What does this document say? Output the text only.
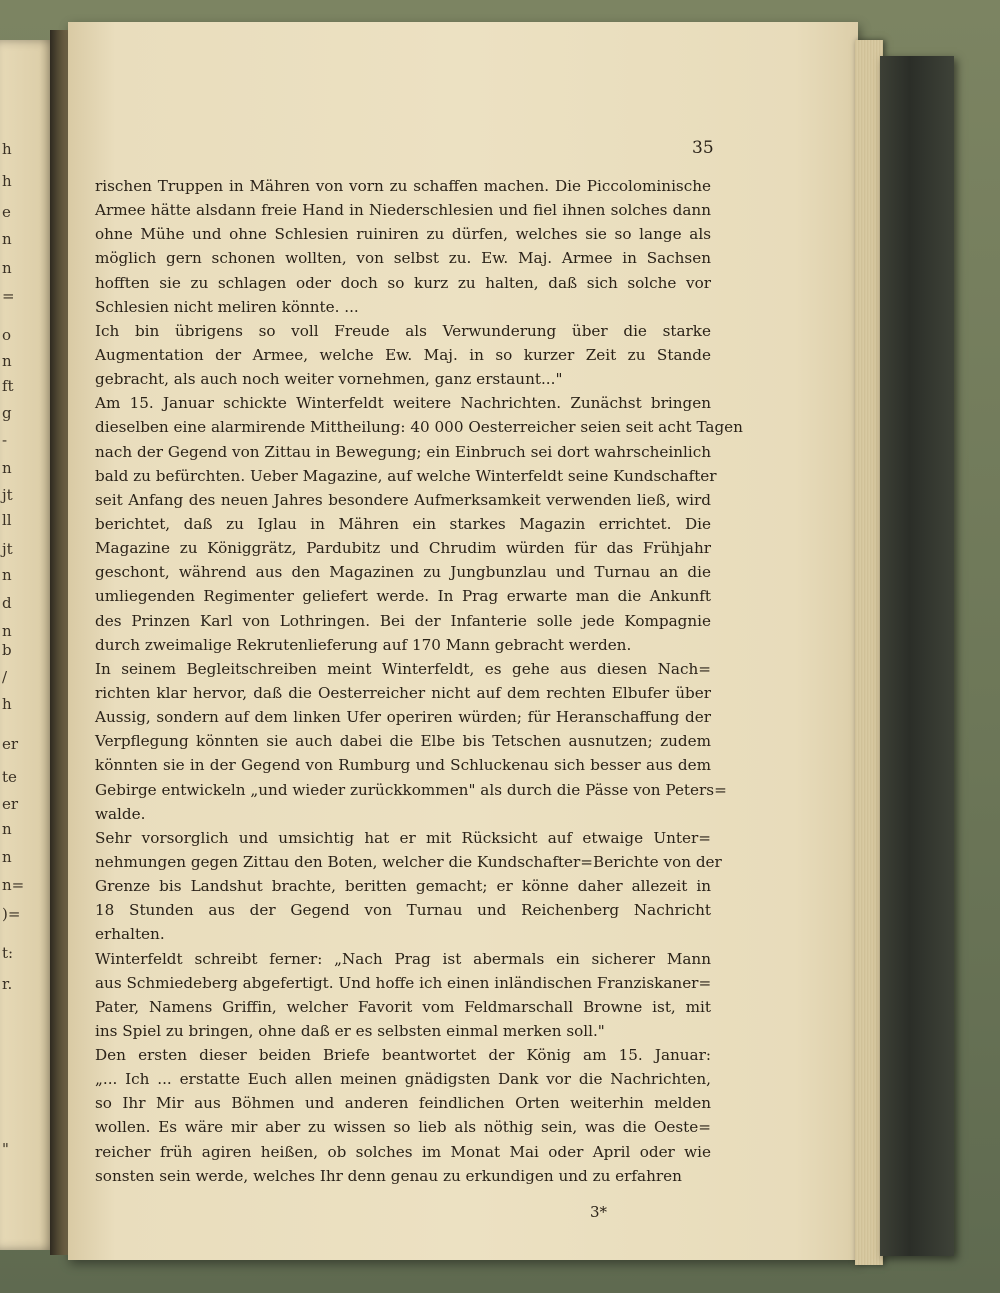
h
h
e
n
n
=
o
n
ft
g
-
n
jt
ll
jt
n
d
n
b
/
h
er
te
er
n
n
n=
)=
t:
r.
"
35
rischen Truppen in Mähren von vorn zu schaffen machen. Die Piccolominische
Armee hätte alsdann freie Hand in Niederschlesien und fiel ihnen solches dann
ohne Mühe und ohne Schlesien ruiniren zu dürfen, welches sie so lange als
möglich gern schonen wollten, von selbst zu. Ew. Maj. Armee in Sachsen
hofften sie zu schlagen oder doch so kurz zu halten, daß sich solche vor
Schlesien nicht meliren könnte. ...
Ich bin übrigens so voll Freude als Verwunderung über die starke
Augmentation der Armee, welche Ew. Maj. in so kurzer Zeit zu Stande
gebracht, als auch noch weiter vornehmen, ganz erstaunt..."
Am 15. Januar schickte Winterfeldt weitere Nachrichten. Zunächst bringen
dieselben eine alarmirende Mittheilung: 40 000 Oesterreicher seien seit acht Tagen
nach der Gegend von Zittau in Bewegung; ein Einbruch sei dort wahrscheinlich
bald zu befürchten. Ueber Magazine, auf welche Winterfeldt seine Kundschafter
seit Anfang des neuen Jahres besondere Aufmerksamkeit verwenden ließ, wird
berichtet, daß zu Iglau in Mähren ein starkes Magazin errichtet. Die
Magazine zu Königgrätz, Pardubitz und Chrudim würden für das Frühjahr
geschont, während aus den Magazinen zu Jungbunzlau und Turnau an die
umliegenden Regimenter geliefert werde. In Prag erwarte man die Ankunft
des Prinzen Karl von Lothringen. Bei der Infanterie solle jede Kompagnie
durch zweimalige Rekrutenlieferung auf 170 Mann gebracht werden.
In seinem Begleitschreiben meint Winterfeldt, es gehe aus diesen Nach=
richten klar hervor, daß die Oesterreicher nicht auf dem rechten Elbufer über
Aussig, sondern auf dem linken Ufer operiren würden; für Heranschaffung der
Verpflegung könnten sie auch dabei die Elbe bis Tetschen ausnutzen; zudem
könnten sie in der Gegend von Rumburg und Schluckenau sich besser aus dem
Gebirge entwickeln „und wieder zurückkommen" als durch die Pässe von Peters=
walde.
Sehr vorsorglich und umsichtig hat er mit Rücksicht auf etwaige Unter=
nehmungen gegen Zittau den Boten, welcher die Kundschafter=Berichte von der
Grenze bis Landshut brachte, beritten gemacht; er könne daher allezeit in
18 Stunden aus der Gegend von Turnau und Reichenberg Nachricht
erhalten.
Winterfeldt schreibt ferner: „Nach Prag ist abermals ein sicherer Mann
aus Schmiedeberg abgefertigt. Und hoffe ich einen inländischen Franziskaner=
Pater, Namens Griffin, welcher Favorit vom Feldmarschall Browne ist, mit
ins Spiel zu bringen, ohne daß er es selbsten einmal merken soll."
Den ersten dieser beiden Briefe beantwortet der König am 15. Januar:
„... Ich ... erstatte Euch allen meinen gnädigsten Dank vor die Nachrichten,
so Ihr Mir aus Böhmen und anderen feindlichen Orten weiterhin melden
wollen. Es wäre mir aber zu wissen so lieb als nöthig sein, was die Oeste=
reicher früh agiren heißen, ob solches im Monat Mai oder April oder wie
sonsten sein werde, welches Ihr denn genau zu erkundigen und zu erfahren
3*
